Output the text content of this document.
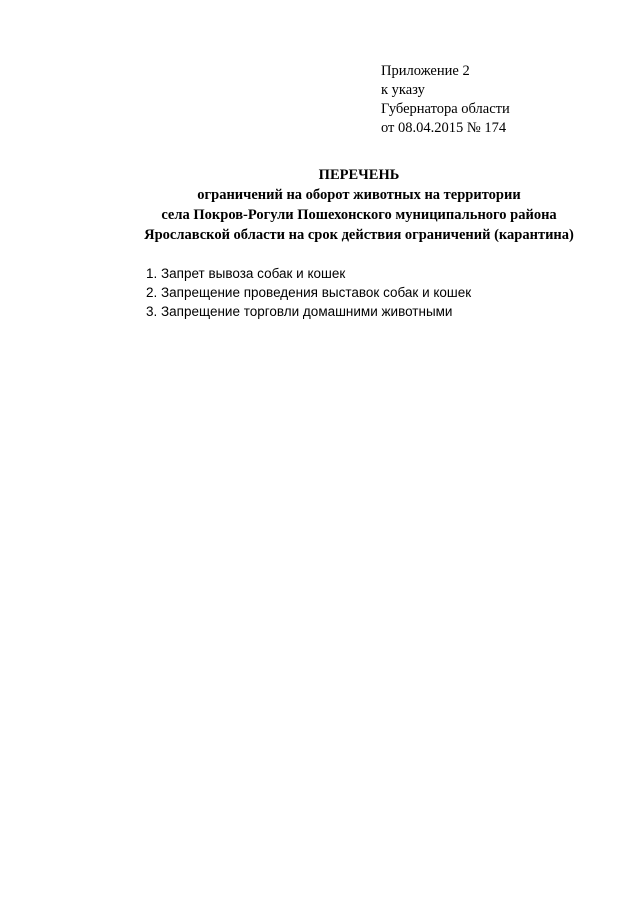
Приложение 2
к указу
Губернатора области
от 08.04.2015 № 174
ПЕРЕЧЕНЬ
ограничений на оборот животных на территории
села Покров-Рогули Пошехонского муниципального района
Ярославской области на срок действия ограничений (карантина)
1. Запрет вывоза собак и кошек
2. Запрещение проведения выставок собак и кошек
3. Запрещение торговли домашними животными
